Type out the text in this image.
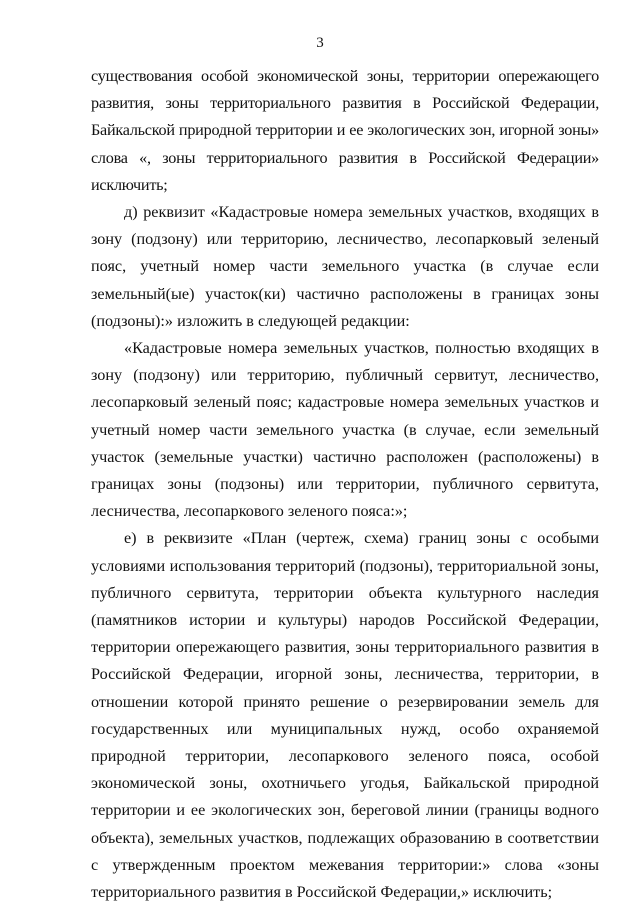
3

существования особой экономической зоны, территории опережающего развития, зоны территориального развития в Российской Федерации, Байкальской природной территории и ее экологических зон, игорной зоны» слова «, зоны территориального развития в Российской Федерации» исключить;

д) реквизит «Кадастровые номера земельных участков, входящих в зону (подзону) или территорию, лесничество, лесопарковый зеленый пояс, учетный номер части земельного участка (в случае если земельный(ые) участок(ки) частично расположены в границах зоны (подзоны):» изложить в следующей редакции:

«Кадастровые номера земельных участков, полностью входящих в зону (подзону) или территорию, публичный сервитут, лесничество, лесопарковый зеленый пояс; кадастровые номера земельных участков и учетный номер части земельного участка (в случае, если земельный участок (земельные участки) частично расположен (расположены) в границах зоны (подзоны) или территории, публичного сервитута, лесничества, лесопаркового зеленого пояса:»;

е) в реквизите «План (чертеж, схема) границ зоны с особыми условиями использования территорий (подзоны), территориальной зоны, публичного сервитута, территории объекта культурного наследия (памятников истории и культуры) народов Российской Федерации, территории опережающего развития, зоны территориального развития в Российской Федерации, игорной зоны, лесничества, территории, в отношении которой принято решение о резервировании земель для государственных или муниципальных нужд, особо охраняемой природной территории, лесопаркового зеленого пояса, особой экономической зоны, охотничьего угодья, Байкальской природной территории и ее экологических зон, береговой линии (границы водного объекта), земельных участков, подлежащих образованию в соответствии с утвержденным проектом межевания территории:» слова «зоны территориального развития в Российской Федерации,» исключить;
